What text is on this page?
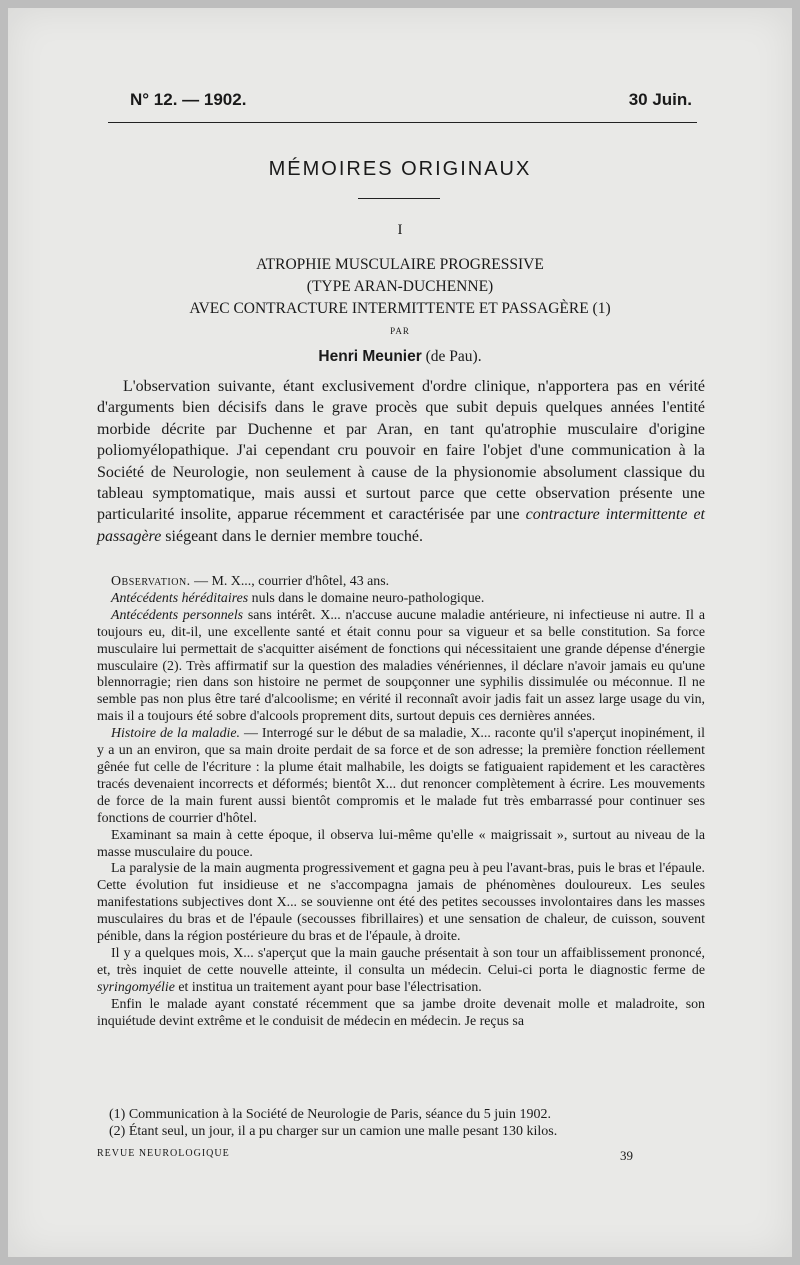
N° 12. — 1902.	30 Juin.
MÉMOIRES ORIGINAUX
I
ATROPHIE MUSCULAIRE PROGRESSIVE
(TYPE ARAN-DUCHENNE)
AVEC CONTRACTURE INTERMITTENTE ET PASSAGÈRE (1)
PAR
Henri Meunier (de Pau).

L'observation suivante, étant exclusivement d'ordre clinique, n'apportera pas en vérité d'arguments bien décisifs dans le grave procès que subit depuis quelques années l'entité morbide décrite par Duchenne et par Aran, en tant qu'atrophie musculaire d'origine poliomyélopathique. J'ai cependant cru pouvoir en faire l'objet d'une communication à la Société de Neurologie, non seulement à cause de la physionomie absolument classique du tableau symptomatique, mais aussi et surtout parce que cette observation présente une particularité insolite, apparue récemment et caractérisée par une contracture intermittente et passagère siégeant dans le dernier membre touché.

Observation. — M. X..., courrier d'hôtel, 43 ans.

Antécédents héréditaires nuls dans le domaine neuro-pathologique.

Antécédents personnels sans intérêt. X... n'accuse aucune maladie antérieure, ni infectieuse ni autre. Il a toujours eu, dit-il, une excellente santé et était connu pour sa vigueur et sa belle constitution. Sa force musculaire lui permettait de s'acquitter aisément de fonctions qui nécessitaient une grande dépense d'énergie musculaire (2). Très affirmatif sur la question des maladies vénériennes, il déclare n'avoir jamais eu qu'une blennorragie; rien dans son histoire ne permet de soupçonner une syphilis dissimulée ou méconnue. Il ne semble pas non plus être taré d'alcoolisme; en vérité il reconnaît avoir jadis fait un assez large usage du vin, mais il a toujours été sobre d'alcools proprement dits, surtout depuis ces dernières années.

Histoire de la maladie. — Interrogé sur le début de sa maladie, X... raconte qu'il s'aperçut inopinément, il y a un an environ, que sa main droite perdait de sa force et de son adresse; la première fonction réellement gênée fut celle de l'écriture : la plume était malhabile, les doigts se fatiguaient rapidement et les caractères tracés devenaient incorrects et déformés; bientôt X... dut renoncer complètement à écrire. Les mouvements de force de la main furent aussi bientôt compromis et le malade fut très embarrassé pour continuer ses fonctions de courrier d'hôtel.

Examinant sa main à cette époque, il observa lui-même qu'elle « maigrissait », surtout au niveau de la masse musculaire du pouce.

La paralysie de la main augmenta progressivement et gagna peu à peu l'avant-bras, puis le bras et l'épaule. Cette évolution fut insidieuse et ne s'accompagna jamais de phénomènes douloureux. Les seules manifestations subjectives dont X... se souvienne ont été des petites secousses involontaires dans les masses musculaires du bras et de l'épaule (secousses fibrillaires) et une sensation de chaleur, de cuisson, souvent pénible, dans la région postérieure du bras et de l'épaule, à droite.

Il y a quelques mois, X... s'aperçut que la main gauche présentait à son tour un affaiblissement prononcé, et, très inquiet de cette nouvelle atteinte, il consulta un médecin. Celui-ci porta le diagnostic ferme de syringomyélie et institua un traitement ayant pour base l'électrisation.

Enfin le malade ayant constaté récemment que sa jambe droite devenait molle et maladroite, son inquiétude devint extrême et le conduisit de médecin en médecin. Je reçus sa

(1) Communication à la Société de Neurologie de Paris, séance du 5 juin 1902.

(2) Étant seul, un jour, il a pu charger sur un camion une malle pesant 130 kilos.

REVUE NEUROLOGIQUE	39
